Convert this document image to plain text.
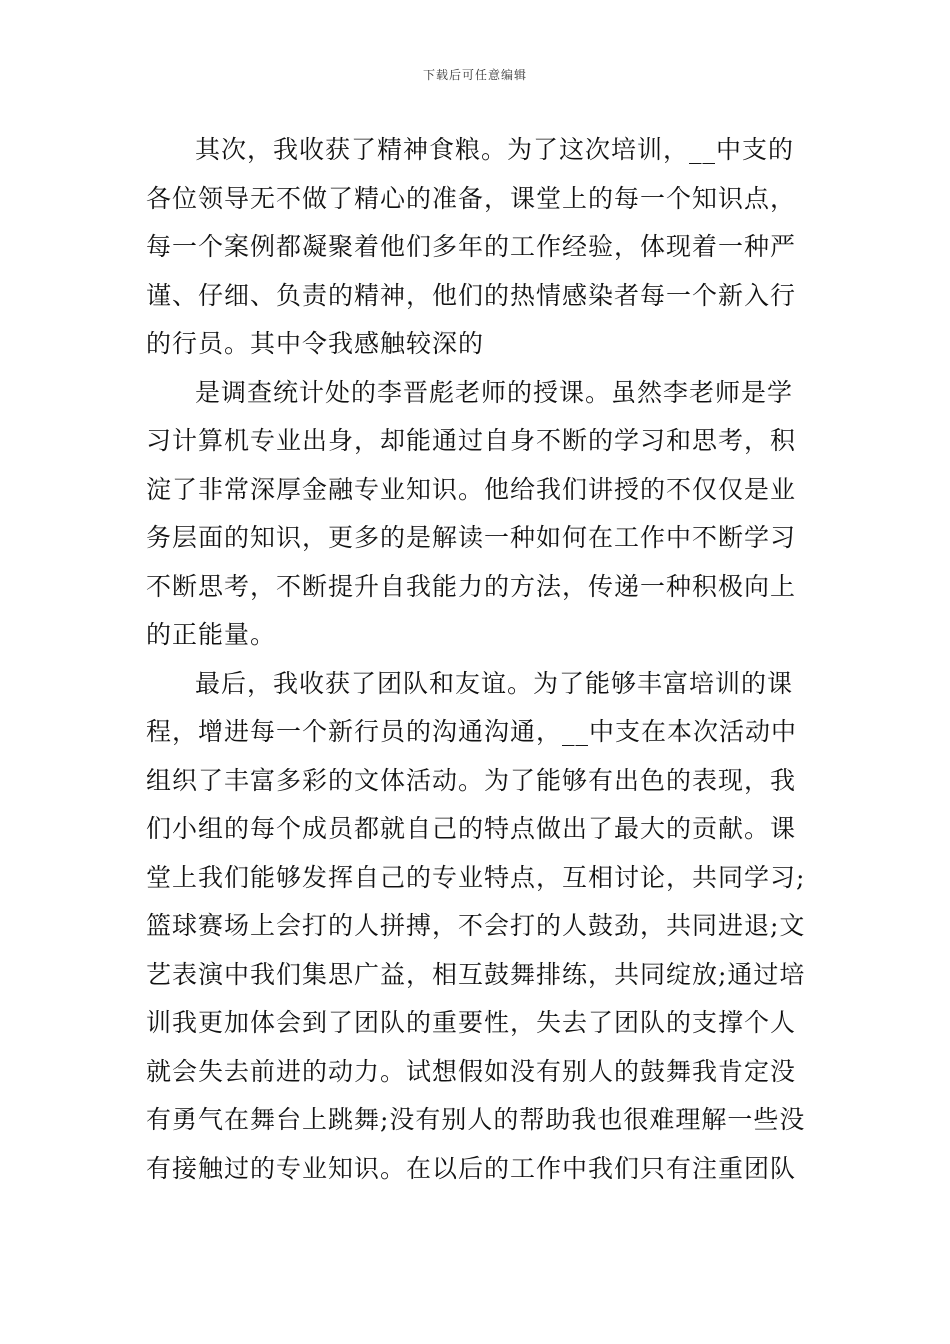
下载后可任意编辑
其次，我收获了精神食粮。为了这次培训，__中支的
各位领导无不做了精心的准备，课堂上的每一个知识点，
每一个案例都凝聚着他们多年的工作经验，体现着一种严
谨、仔细、负责的精神，他们的热情感染者每一个新入行
的行员。其中令我感触较深的
是调查统计处的李晋彪老师的授课。虽然李老师是学
习计算机专业出身，却能通过自身不断的学习和思考，积
淀了非常深厚金融专业知识。他给我们讲授的不仅仅是业
务层面的知识，更多的是解读一种如何在工作中不断学习
不断思考，不断提升自我能力的方法，传递一种积极向上
的正能量。
最后，我收获了团队和友谊。为了能够丰富培训的课
程，增进每一个新行员的沟通沟通，__中支在本次活动中
组织了丰富多彩的文体活动。为了能够有出色的表现，我
们小组的每个成员都就自己的特点做出了最大的贡献。课
堂上我们能够发挥自己的专业特点，互相讨论，共同学习;
篮球赛场上会打的人拼搏，不会打的人鼓劲，共同进退;文
艺表演中我们集思广益，相互鼓舞排练，共同绽放;通过培
训我更加体会到了团队的重要性，失去了团队的支撑个人
就会失去前进的动力。试想假如没有别人的鼓舞我肯定没
有勇气在舞台上跳舞;没有别人的帮助我也很难理解一些没
有接触过的专业知识。在以后的工作中我们只有注重团队
